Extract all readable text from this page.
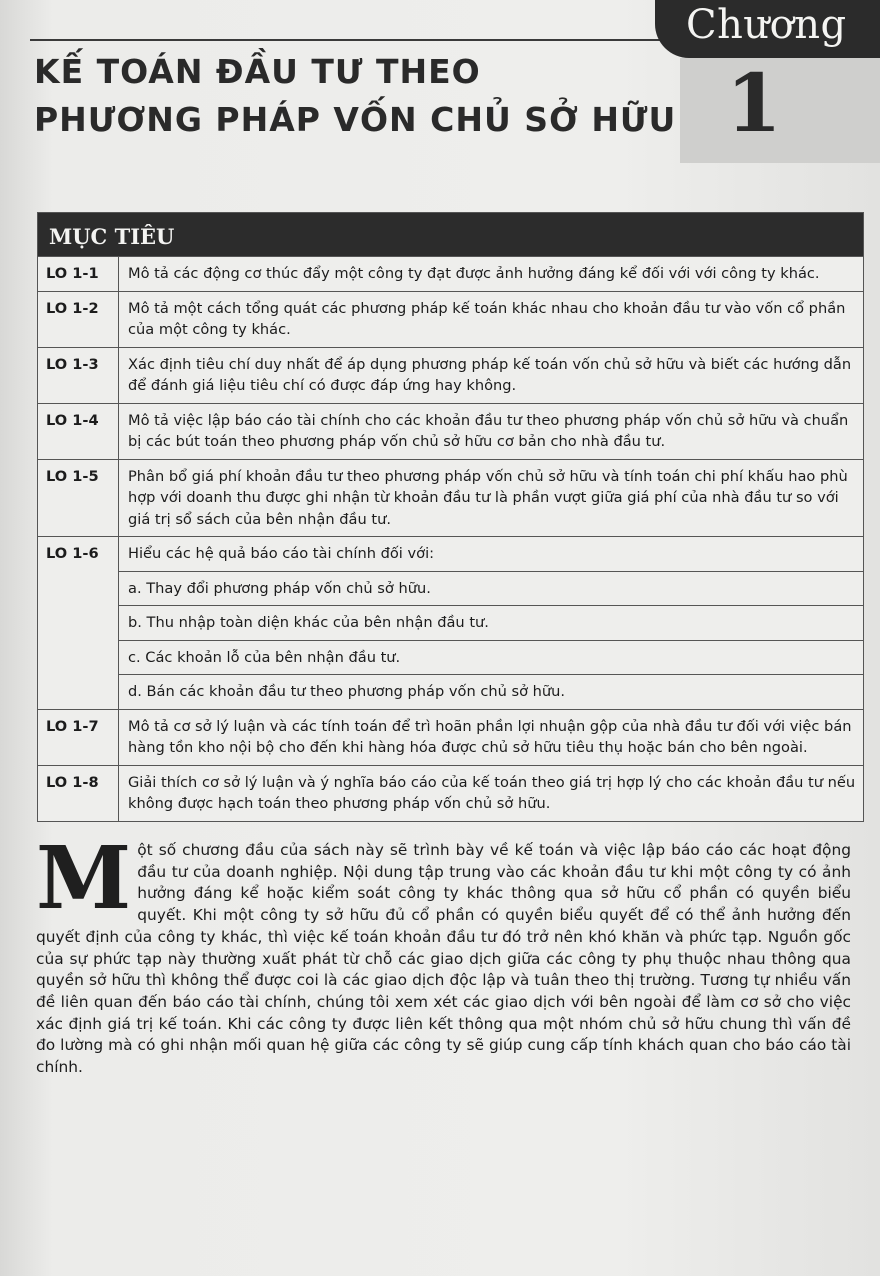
Chương
1
KẾ TOÁN ĐẦU TƯ THEO
PHƯƠNG PHÁP VỐN CHỦ SỞ HỮU
MỤC TIÊU
LO 1-1	Mô tả các động cơ thúc đẩy một công ty đạt được ảnh hưởng đáng kể đối với với công ty khác.
LO 1-2	Mô tả một cách tổng quát các phương pháp kế toán khác nhau cho khoản đầu tư vào vốn cổ phần của một công ty khác.
LO 1-3	Xác định tiêu chí duy nhất để áp dụng phương pháp kế toán vốn chủ sở hữu và biết các hướng dẫn để đánh giá liệu tiêu chí có được đáp ứng hay không.
LO 1-4	Mô tả việc lập báo cáo tài chính cho các khoản đầu tư theo phương pháp vốn chủ sở hữu và chuẩn bị các bút toán theo phương pháp vốn chủ sở hữu cơ bản cho nhà đầu tư.
LO 1-5	Phân bổ giá phí khoản đầu tư theo phương pháp vốn chủ sở hữu và tính toán chi phí khấu hao phù hợp với doanh thu được ghi nhận từ khoản đầu tư là phần vượt giữa giá phí của nhà đầu tư so với giá trị sổ sách của bên nhận đầu tư.
LO 1-6	Hiểu các hệ quả báo cáo tài chính đối với:
	a. Thay đổi phương pháp vốn chủ sở hữu.
	b. Thu nhập toàn diện khác của bên nhận đầu tư.
	c. Các khoản lỗ của bên nhận đầu tư.
	d. Bán các khoản đầu tư theo phương pháp vốn chủ sở hữu.
LO 1-7	Mô tả cơ sở lý luận và các tính toán để trì hoãn phần lợi nhuận gộp của nhà đầu tư đối với việc bán hàng tồn kho nội bộ cho đến khi hàng hóa được chủ sở hữu tiêu thụ hoặc bán cho bên ngoài.
LO 1-8	Giải thích cơ sở lý luận và ý nghĩa báo cáo của kế toán theo giá trị hợp lý cho các khoản đầu tư nếu không được hạch toán theo phương pháp vốn chủ sở hữu.
Một số chương đầu của sách này sẽ trình bày về kế toán và việc lập báo cáo các hoạt động đầu tư của doanh nghiệp. Nội dung tập trung vào các khoản đầu tư khi một công ty có ảnh hưởng đáng kể hoặc kiểm soát công ty khác thông qua sở hữu cổ phần có quyền biểu quyết. Khi một công ty sở hữu đủ cổ phần có quyền biểu quyết để có thể ảnh hưởng đến quyết định của công ty khác, thì việc kế toán khoản đầu tư đó trở nên khó khăn và phức tạp. Nguồn gốc của sự phức tạp này thường xuất phát từ chỗ các giao dịch giữa các công ty phụ thuộc nhau thông qua quyền sở hữu thì không thể được coi là các giao dịch độc lập và tuân theo thị trường. Tương tự nhiều vấn đề liên quan đến báo cáo tài chính, chúng tôi xem xét các giao dịch với bên ngoài để làm cơ sở cho việc xác định giá trị kế toán. Khi các công ty được liên kết thông qua một nhóm chủ sở hữu chung thì vấn đề đo lường mà có ghi nhận mối quan hệ giữa các công ty sẽ giúp cung cấp tính khách quan cho báo cáo tài chính.
